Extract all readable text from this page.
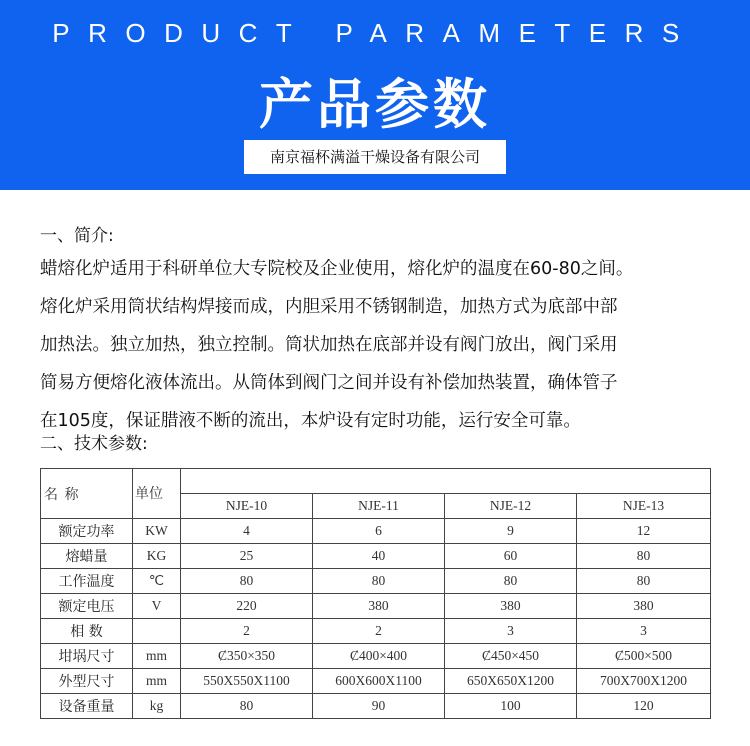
PRODUCT PARAMETERS
产品参数
南京福杯满溢干燥设备有限公司
一、简介:
蜡熔化炉适用于科研单位大专院校及企业使用，熔化炉的温度在60-80之间。
熔化炉采用筒状结构焊接而成，内胆采用不锈钢制造，加热方式为底部中部
加热法。独立加热，独立控制。筒状加热在底部并设有阀门放出，阀门采用
简易方便熔化液体流出。从筒体到阀门之间并设有补偿加热装置，确体管子
在105度，保证腊液不断的流出，本炉设有定时功能，运行安全可靠。
二、技术参数:
名 称	单位				
		NJE-10	NJE-11	NJE-12	NJE-13
额定功率	KW	4	6	9	12
熔蜡量	KG	25	40	60	80
工作温度	℃	80	80	80	80
额定电压	V	220	380	380	380
相 数		2	2	3	3
坩埚尺寸	mm	Ȼ350×350	Ȼ400×400	Ȼ450×450	Ȼ500×500
外型尺寸	mm	550X550X1100	600X600X1100	650X650X1200	700X700X1200
设备重量	kg	80	90	100	120
